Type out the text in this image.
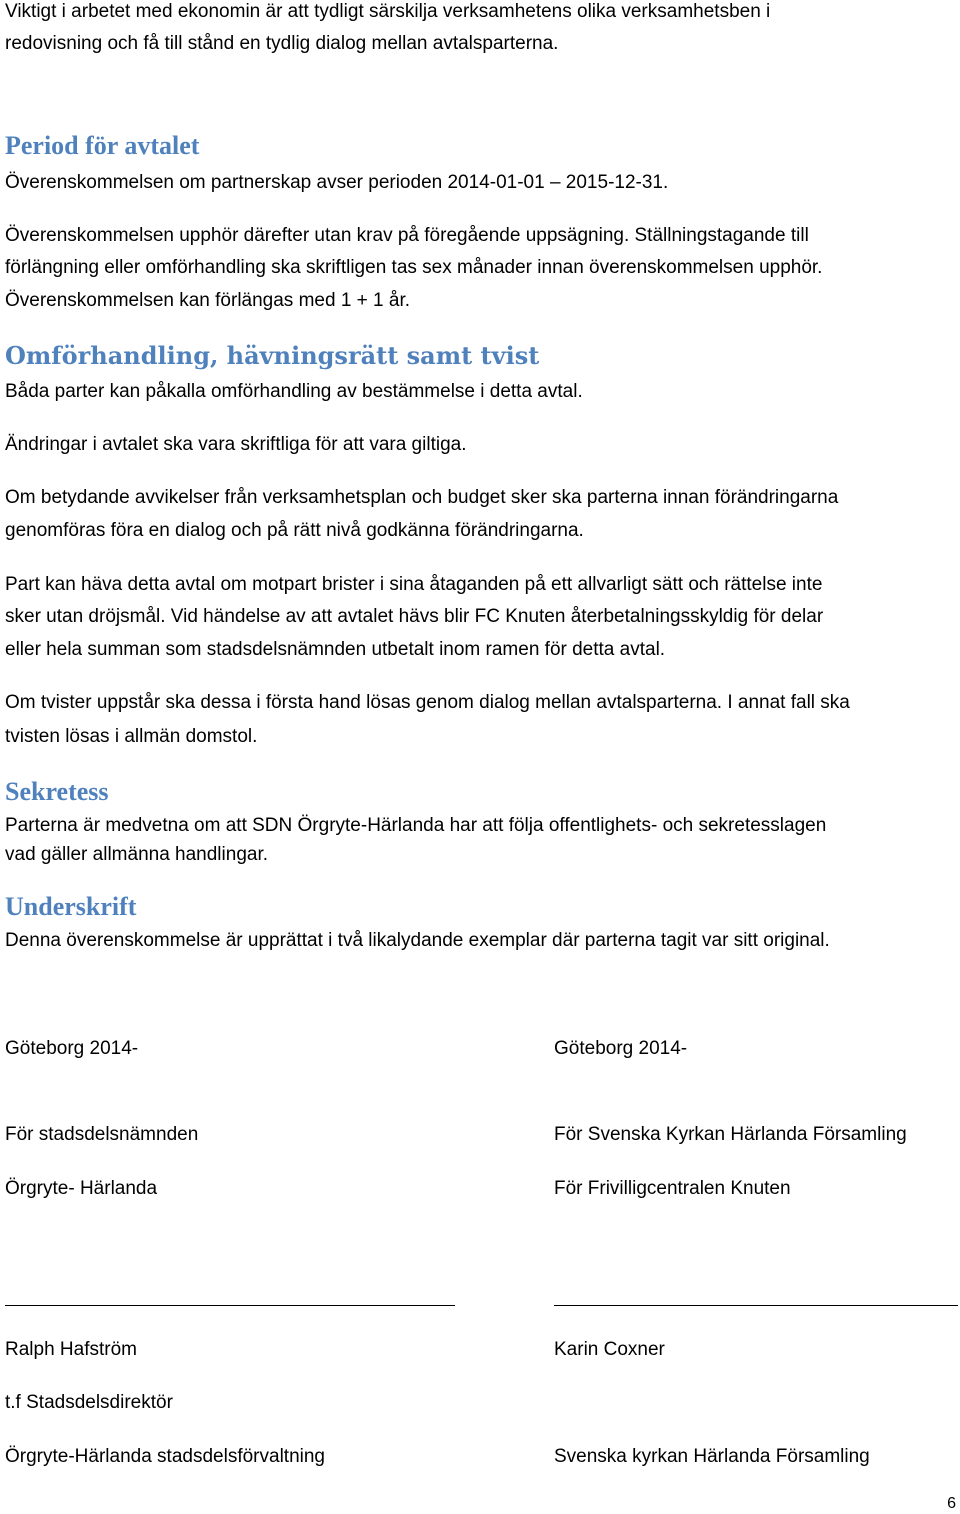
Viktigt i arbetet med ekonomin är att tydligt särskilja verksamhetens olika verksamhetsben i
redovisning och få till stånd en tydlig dialog mellan avtalsparterna.
Period för avtalet
Överenskommelsen om partnerskap avser perioden 2014-01-01 – 2015-12-31.
Överenskommelsen upphör därefter utan krav på föregående uppsägning. Ställningstagande till
förlängning eller omförhandling ska skriftligen tas sex månader innan överenskommelsen upphör.
Överenskommelsen kan förlängas med 1 + 1 år.
Omförhandling, hävningsrätt samt tvist
Båda parter kan påkalla omförhandling av bestämmelse i detta avtal.
Ändringar i avtalet ska vara skriftliga för att vara giltiga.
Om betydande avvikelser från verksamhetsplan och budget sker ska parterna innan förändringarna
genomföras föra en dialog och på rätt nivå godkänna förändringarna.
Part kan häva detta avtal om motpart brister i sina åtaganden på ett allvarligt sätt och rättelse inte
sker utan dröjsmål. Vid händelse av att avtalet hävs blir FC Knuten återbetalningsskyldig för delar
eller hela summan som stadsdelsnämnden utbetalt inom ramen för detta avtal.
Om tvister uppstår ska dessa i första hand lösas genom dialog mellan avtalsparterna. I annat fall ska
tvisten lösas i allmän domstol.
Sekretess
Parterna är medvetna om att SDN Örgryte-Härlanda har att följa offentlighets- och sekretesslagen
vad gäller allmänna handlingar.
Underskrift
Denna överenskommelse är upprättat i två likalydande exemplar där parterna tagit var sitt original.
Göteborg 2014-	Göteborg 2014-
För stadsdelsnämnden	För Svenska Kyrkan Härlanda Församling
Örgryte- Härlanda	För Frivilligcentralen Knuten
Ralph Hafström	Karin Coxner
t.f Stadsdelsdirektör
Örgryte-Härlanda stadsdelsförvaltning	Svenska kyrkan Härlanda Församling
6
